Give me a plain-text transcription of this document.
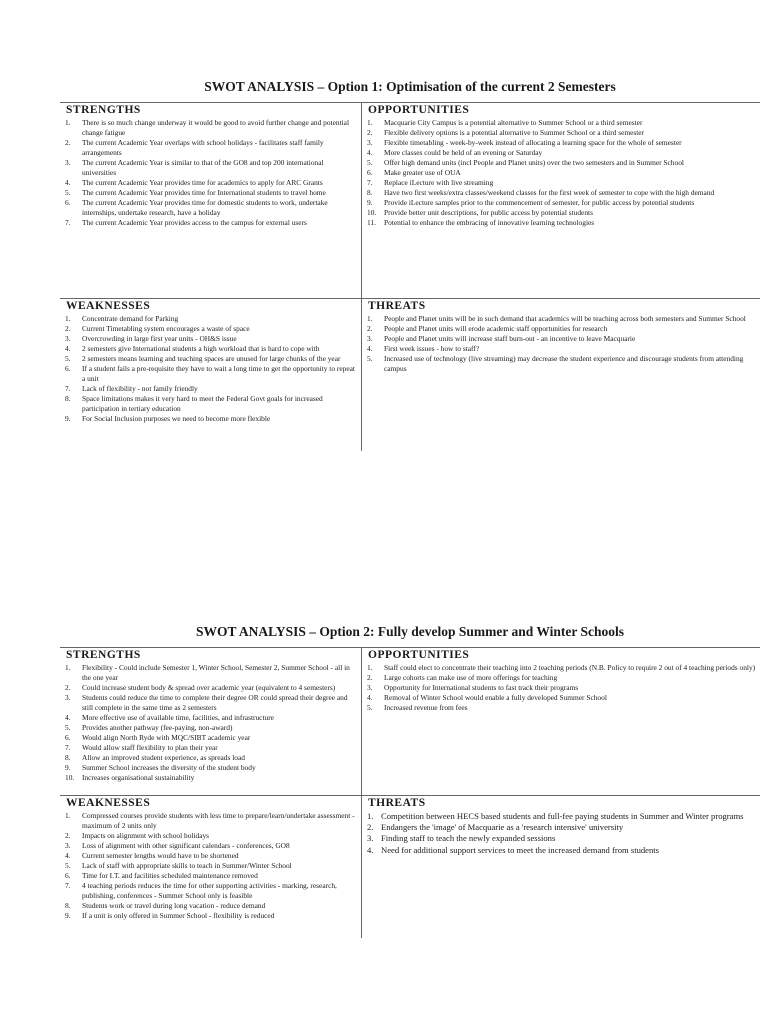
SWOT ANALYSIS – Option 1: Optimisation of the current 2 Semesters
STRENGTHS
1. There is so much change underway it would be good to avoid further change and potential change fatigue
2. The current Academic Year overlaps with school holidays - facilitates staff family arrangements
3. The current Academic Year is similar to that of the GO8 and top 200 international universities
4. The current Academic Year provides time for academics to apply for ARC Grants
5. The current Academic Year provides time for International students to travel home
6. The current Academic Year provides time for domestic students to work, undertake internships, undertake research, have a holiday
7. The current Academic Year provides access to the campus for external users
OPPORTUNITIES
1. Macquarie City Campus is a potential alternative to Summer School or a third semester
2. Flexible delivery options is a potential alternative to Summer School or a third semester
3. Flexible timetabling - week-by-week instead of allocating a learning space for the whole of semester
4. More classes could be held of an evening or Saturday
5. Offer high demand units (incl People and Planet units) over the two semesters and in Summer School
6. Make greater use of OUA
7. Replace iLecture with live streaming
8. Have two first weeks/extra classes/weekend classes for the first week of semester to cope with the high demand
9. Provide iLecture samples prior to the commencement of semester, for public access by potential students
10. Provide better unit descriptions, for public access by potential students
11. Potential to enhance the embracing of innovative learning technologies
WEAKNESSES
1. Concentrate demand for Parking
2. Current Timetabling system encourages a waste of space
3. Overcrowding in large first year units - OH&S issue
4. 2 semesters give International students a high workload that is hard to cope with
5. 2 semesters means learning and teaching spaces are unused for large chunks of the year
6. If a student fails a pre-requisite they have to wait a long time to get the opportunity to repeat a unit
7. Lack of flexibility - not family friendly
8. Space limitations makes it very hard to meet the Federal Govt goals for increased participation in tertiary education
9. For Social Inclusion purposes we need to become more flexible
THREATS
1. People and Planet units will be in such demand that academics will be teaching across both semesters and Summer School
2. People and Planet units will erode academic staff opportunities for research
3. People and Planet units will increase staff burn-out - an incentive to leave Macquarie
4. First week issues - how to staff?
5. Increased use of technology (live streaming) may decrease the student experience and discourage students from attending campus
SWOT ANALYSIS – Option 2: Fully develop Summer and Winter Schools
STRENGTHS
1. Flexibility - Could include Semester 1, Winter School, Semester 2, Summer School - all in the one year
2. Could increase student body & spread over academic year (equivalent to 4 semesters)
3. Students could reduce the time to complete their degree OR could spread their degree and still complete in the same time as 2 semesters
4. More effective use of available time, facilities, and infrastructure
5. Provides another pathway (fee-paying, non-award)
6. Would align North Ryde with MQC/SIBT academic year
7. Would allow staff flexibility to plan their year
8. Allow an improved student experience, as spreads load
9. Summer School increases the diversity of the student body
10. Increases organisational sustainability
OPPORTUNITIES
1. Staff could elect to concentrate their teaching into 2 teaching periods (N.B. Policy to require 2 out of 4 teaching periods only)
2. Large cohorts can make use of more offerings for teaching
3. Opportunity for International students to fast track their programs
4. Removal of Winter School would enable a fully developed Summer School
5. Increased revenue from fees
WEAKNESSES
1. Compressed courses provide students with less time to prepare/learn/undertake assessment - maximum of 2 units only
2. Impacts on alignment with school holidays
3. Loss of alignment with other significant calendars - conferences, GO8
4. Current semester lengths would have to be shortened
5. Lack of staff with appropriate skills to teach in Summer/Winter School
6. Time for I.T. and facilities scheduled maintenance removed
7. 4 teaching periods reduces the time for other supporting activities - marking, research, publishing, conferences - Summer School only is feasible
8. Students work or travel during long vacation - reduce demand
9. If a unit is only offered in Summer School - flexibility is reduced
THREATS
1. Competition between HECS based students and full-fee paying students in Summer and Winter programs
2. Endangers the 'image' of Macquarie as a 'research intensive' university
3. Finding staff to teach the newly expanded sessions
4. Need for additional support services to meet the increased demand from students
